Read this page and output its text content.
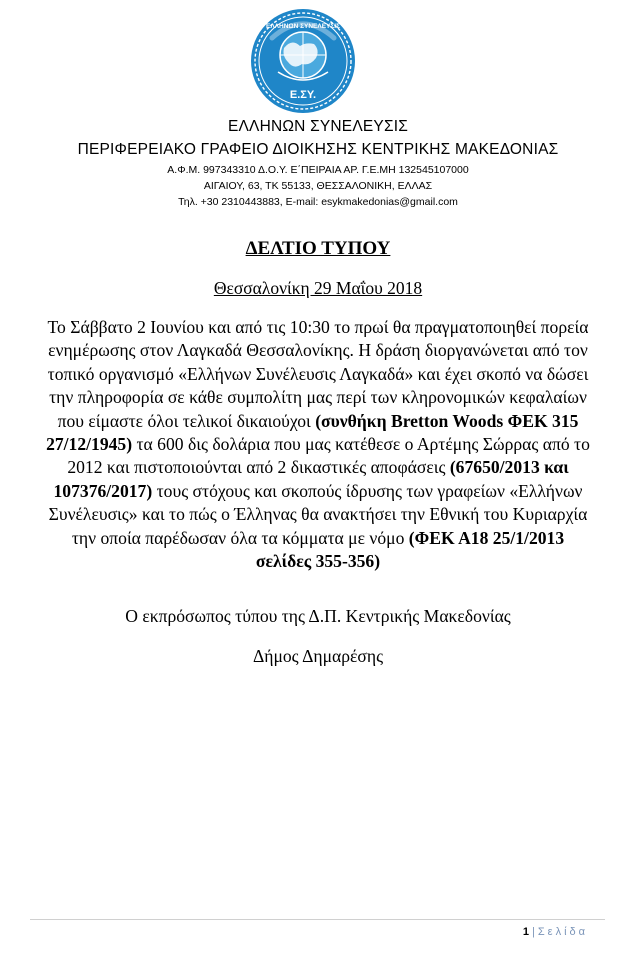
Ε.ΣΥ.
ΕΛΛΗΝΩΝ ΣΥΝΕΛΕΥΣΙΣ
ΕΛΛΗΝΩΝ ΣΥΝΕΛΕΥΣΙΣ
ΠΕΡΙΦΕΡΕΙΑΚΟ ΓΡΑΦΕΙΟ ΔΙΟΙΚΗΣΗΣ ΚΕΝΤΡΙΚΗΣ ΜΑΚΕΔΟΝΙΑΣ
Α.Φ.Μ. 997343310 Δ.Ο.Υ. Ε΄ΠΕΙΡΑΙΑ ΑΡ. Γ.Ε.ΜΗ 132545107000
ΑΙΓΑΙΟΥ, 63, ΤΚ 55133, ΘΕΣΣΑΛΟΝΙΚΗ, ΕΛΛΑΣ
Τηλ. +30 2310443883, E-mail: esykmakedonias@gmail.com
ΔΕΛΤΙΟ ΤΥΠΟΥ
Θεσσαλονίκη 29 Μαΐου 2018
Το Σάββατο 2 Ιουνίου και από τις 10:30 το πρωί θα πραγματοποιηθεί πορεία ενημέρωσης στον Λαγκαδά Θεσσαλονίκης. Η δράση διοργανώνεται από τον τοπικό οργανισμό «Ελλήνων Συνέλευσις Λαγκαδά» και έχει σκοπό να δώσει την πληροφορία σε κάθε συμπολίτη μας περί των κληρονομικών κεφαλαίων που είμαστε όλοι τελικοί δικαιούχοι (συνθήκη Bretton Woods ΦΕΚ 315 27/12/1945) τα 600 δις δολάρια που μας κατέθεσε ο Αρτέμης Σώρρας από το 2012 και πιστοποιούνται από 2 δικαστικές αποφάσεις (67650/2013 και 107376/2017) τους στόχους και σκοπούς ίδρυσης των γραφείων «Ελλήνων Συνέλευσις» και το πώς ο Έλληνας θα ανακτήσει την Εθνική του Κυριαρχία την οποία παρέδωσαν όλα τα κόμματα με νόμο (ΦΕΚ Α18 25/1/2013 σελίδες 355-356)
Ο εκπρόσωπος τύπου της Δ.Π. Κεντρικής Μακεδονίας
Δήμος Δημαρέσης
1 | Σελίδα
